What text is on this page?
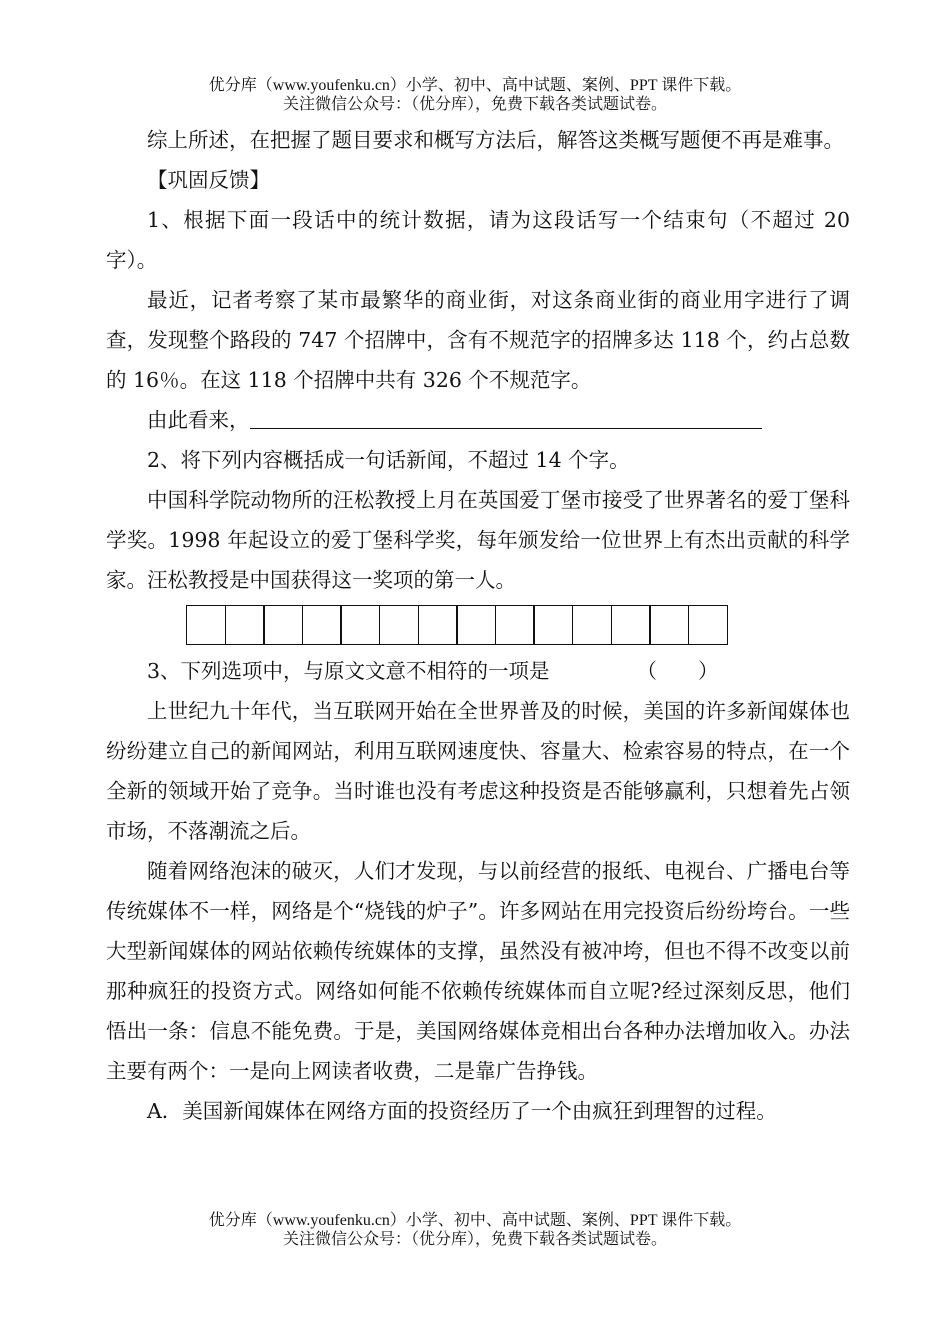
优分库（www.youfenku.cn）小学、初中、高中试题、案例、PPT 课件下载。
关注微信公众号：（优分库），免费下载各类试题试卷。

综上所述，在把握了题目要求和概写方法后，解答这类概写题便不再是难事。

【巩固反馈】

1、根据下面一段话中的统计数据，请为这段话写一个结束句（不超过 20 字）。

最近，记者考察了某市最繁华的商业街，对这条商业街的商业用字进行了调查，发现整个路段的 747 个招牌中，含有不规范字的招牌多达 118 个，约占总数的 16％。在这 118 个招牌中共有 326 个不规范字。

由此看来，

2、将下列内容概括成一句话新闻，不超过 14 个字。

中国科学院动物所的汪松教授上月在英国爱丁堡市接受了世界著名的爱丁堡科学奖。1998 年起设立的爱丁堡科学奖，每年颁发给一位世界上有杰出贡献的科学家。汪松教授是中国获得这一奖项的第一人。

3、下列选项中，与原文文意不相符的一项是	（　　）

上世纪九十年代，当互联网开始在全世界普及的时候，美国的许多新闻媒体也纷纷建立自己的新闻网站，利用互联网速度快、容量大、检索容易的特点，在一个全新的领域开始了竞争。当时谁也没有考虑这种投资是否能够赢利，只想着先占领市场，不落潮流之后。

随着网络泡沫的破灭，人们才发现，与以前经营的报纸、电视台、广播电台等传统媒体不一样，网络是个“烧钱的炉子”。许多网站在用完投资后纷纷垮台。一些大型新闻媒体的网站依赖传统媒体的支撑，虽然没有被冲垮，但也不得不改变以前那种疯狂的投资方式。网络如何能不依赖传统媒体而自立呢?经过深刻反思，他们悟出一条：信息不能免费。于是，美国网络媒体竞相出台各种办法增加收入。办法主要有两个：一是向上网读者收费，二是靠广告挣钱。

A．美国新闻媒体在网络方面的投资经历了一个由疯狂到理智的过程。

优分库（www.youfenku.cn）小学、初中、高中试题、案例、PPT 课件下载。
关注微信公众号：（优分库），免费下载各类试题试卷。
